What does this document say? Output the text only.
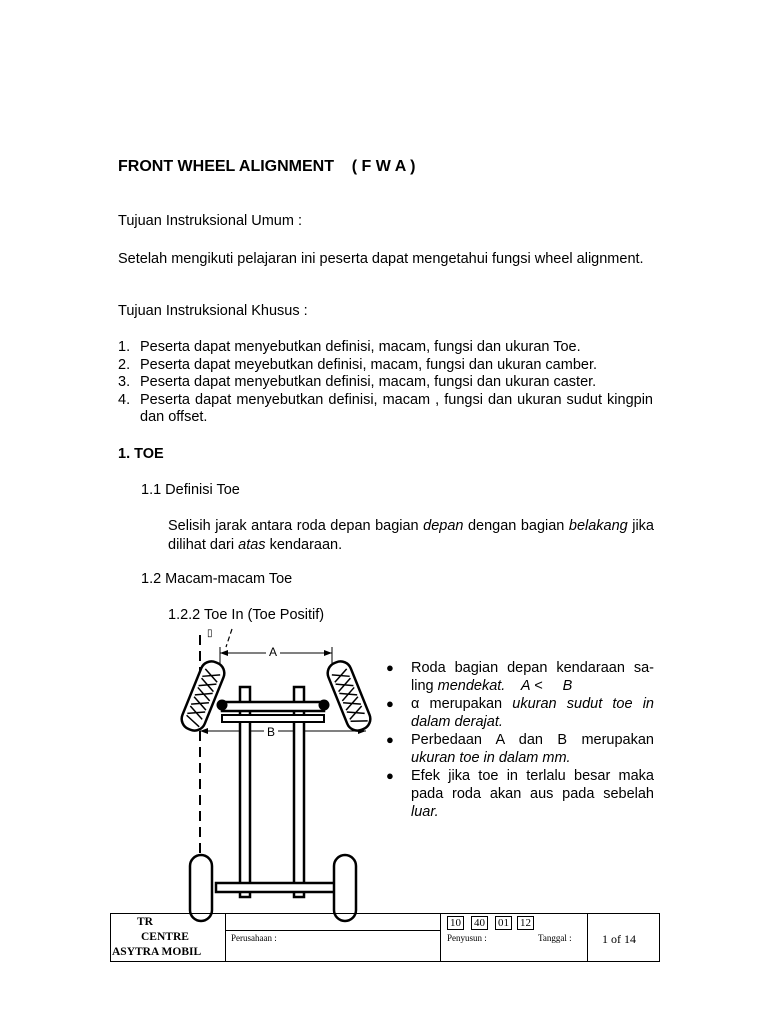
FRONT WHEEL ALIGNMENT    ( F W A )
Tujuan Instruksional Umum :
Setelah mengikuti pelajaran ini peserta dapat mengetahui fungsi wheel alignment.
Tujuan Instruksional Khusus :
1. Peserta dapat menyebutkan definisi, macam, fungsi dan ukuran Toe.
2. Peserta dapat meyebutkan definisi, macam, fungsi dan ukuran camber.
3. Peserta dapat menyebutkan definisi, macam, fungsi dan ukuran caster.
4. Peserta dapat menyebutkan definisi, macam , fungsi dan ukuran sudut kingpin dan offset.
1. TOE
1.1 Definisi Toe
Selisih jarak antara roda depan bagian depan dengan bagian belakang jika dilihat dari atas kendaraan.
1.2 Macam-macam Toe
1.2.2 Toe In (Toe Positif)
▯
A
B
● Roda bagian depan kendaraan sa-ling mendekat.    A <     B
● α merupakan ukuran sudut toe in dalam derajat.
● Perbedaan A dan B merupakan ukuran toe in dalam mm.
● Efek jika toe in terlalu besar maka pada roda akan aus pada sebelah luar.
TR
CENTRE
ASYTRA MOBIL
Perusahaan :
10 40 01 12
Penyusun :	Tanggal :	1 of 14
